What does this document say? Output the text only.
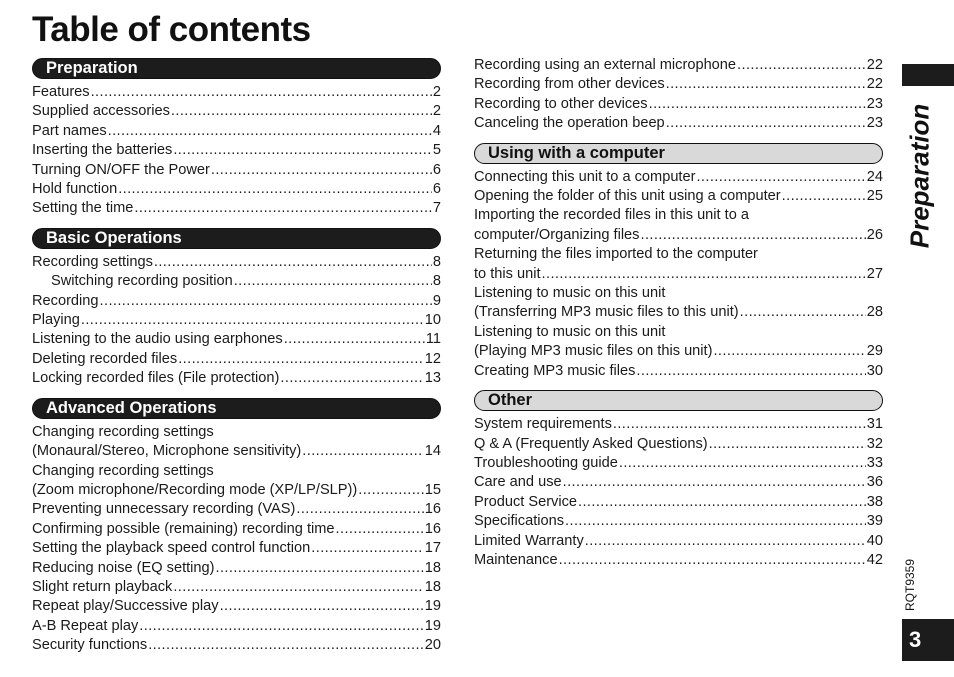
Table of contents
Preparation
Features .....	2
Supplied accessories .....	2
Part names .....	4
Inserting the batteries .....	5
Turning ON/OFF the Power .....	6
Hold function .....	6
Setting the time .....	7
Basic Operations
Recording settings .....	8
Switching recording position .....	8
Recording .....	9
Playing .....	10
Listening to the audio using earphones .....	11
Deleting recorded files .....	12
Locking recorded files (File protection) .....	13
Advanced Operations
Changing recording settings
(Monaural/Stereo, Microphone sensitivity) .....	14
Changing recording settings
(Zoom microphone/Recording mode (XP/LP/SLP)) .....	15
Preventing unnecessary recording (VAS) .....	16
Confirming possible (remaining) recording time .....	16
Setting the playback speed control function .....	17
Reducing noise (EQ setting) .....	18
Slight return playback .....	18
Repeat play/Successive play .....	19
A-B Repeat play .....	19
Security functions .....	20
Recording using an external microphone .....	22
Recording from other devices .....	22
Recording to other devices .....	23
Canceling the operation beep .....	23
Using with a computer
Connecting this unit to a computer .....	24
Opening the folder of this unit using a computer .....	25
Importing the recorded files in this unit to a
computer/Organizing files .....	26
Returning the files imported to the computer
to this unit .....	27
Listening to music on this unit
(Transferring MP3 music files to this unit) .....	28
Listening to music on this unit
(Playing MP3 music files on this unit) .....	29
Creating MP3 music files .....	30
Other
System requirements .....	31
Q & A (Frequently Asked Questions) .....	32
Troubleshooting guide .....	33
Care and use .....	36
Product Service .....	38
Specifications .....	39
Limited Warranty .....	40
Maintenance .....	42
Preparation
RQT9359
3
